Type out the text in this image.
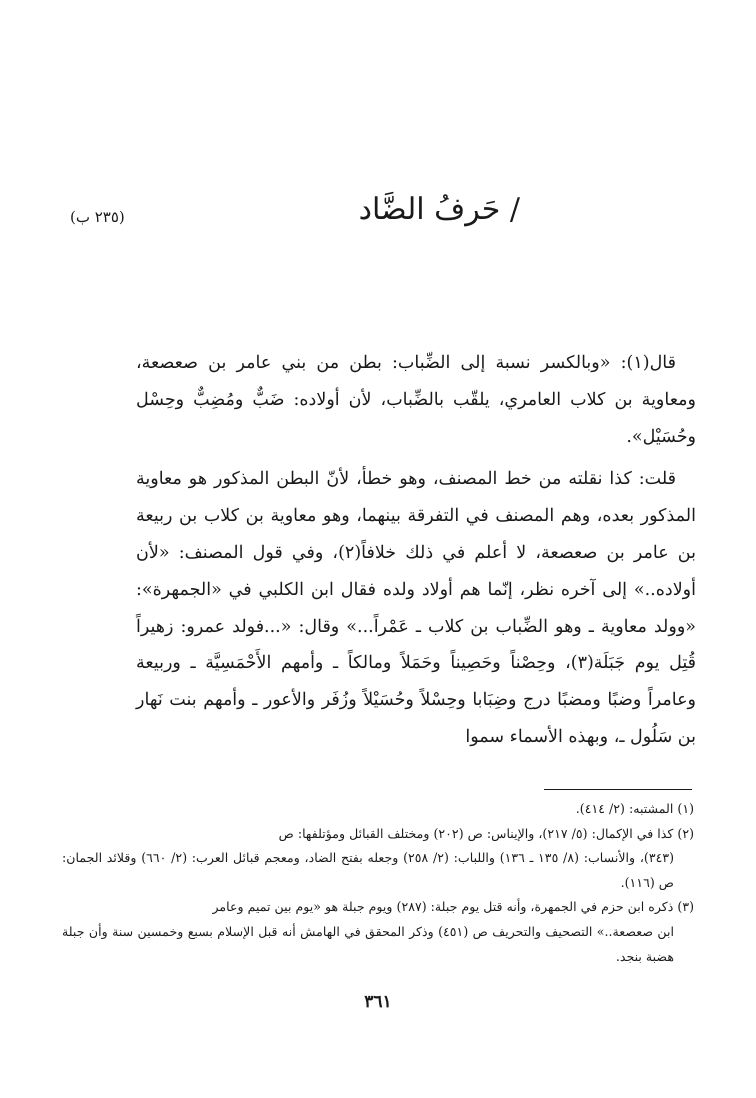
/ حَرفُ الضَّاد
(٢٣٥ ب)

قال(١): «وبالكسر نسبة إلى الضِّباب: بطن من بني عامر بن صعصعة، ومعاوية بن كلاب العامري، يلقّب بالضِّباب، لأن أولاده: ضَبٌّ ومُضِبٌّ وحِسْل وحُسَيْل».

قلت: كذا نقلته من خط المصنف، وهو خطأ، لأنّ البطن المذكور هو معاوية المذكور بعده، وهم المصنف في التفرقة بينهما، وهو معاوية بن كلاب بن ربيعة بن عامر بن صعصعة، لا أعلم في ذلك خلافاً(٢)، وفي قول المصنف: «لأن أولاده..» إلى آخره نظر، إنّما هم أولاد ولده فقال ابن الكلبي في «الجمهرة»: «وولد معاوية ـ وهو الضِّباب بن كلاب ـ عَمْراً...» وقال: «...فولد عمرو: زهيراً قُتِل يوم جَبَلَة(٣)، وحِصْناً وحَصِيناً وحَمَلاً ومالكاً ـ وأمهم الأَحْمَسِيَّة ـ وربيعة وعامراً وضبًا ومضبًا درج وضِبَابا وحِسْلاً وحُسَيْلاً وزُفَر والأعور ـ وأمهم بنت نَهار بن سَلُول ـ، وبهذه الأسماء سموا

(١) المشتبه: (٢/ ٤١٤).

(٢) كذا في الإكمال: (٥/ ٢١٧)، والإيناس: ص (٢٠٢) ومختلف القبائل ومؤتلفها: ص

(٣٤٣)، والأنساب: (٨/ ١٣٥ ـ ١٣٦) واللباب: (٢/ ٢٥٨) وجعله بفتح الضاد، ومعجم قبائل العرب: (٢/ ٦٦٠) وقلائد الجمان: ص (١١٦).

(٣) ذكره ابن حزم في الجمهرة، وأنه قتل يوم جبلة: (٢٨٧) ويوم جبلة هو «يوم بين تميم وعامر

ابن صعصعة..» التصحيف والتحريف ص (٤٥١) وذكر المحقق في الهامش أنه قبل الإسلام بسبع وخمسين سنة وأن جبلة هضبة بنجد.

٣٦١
